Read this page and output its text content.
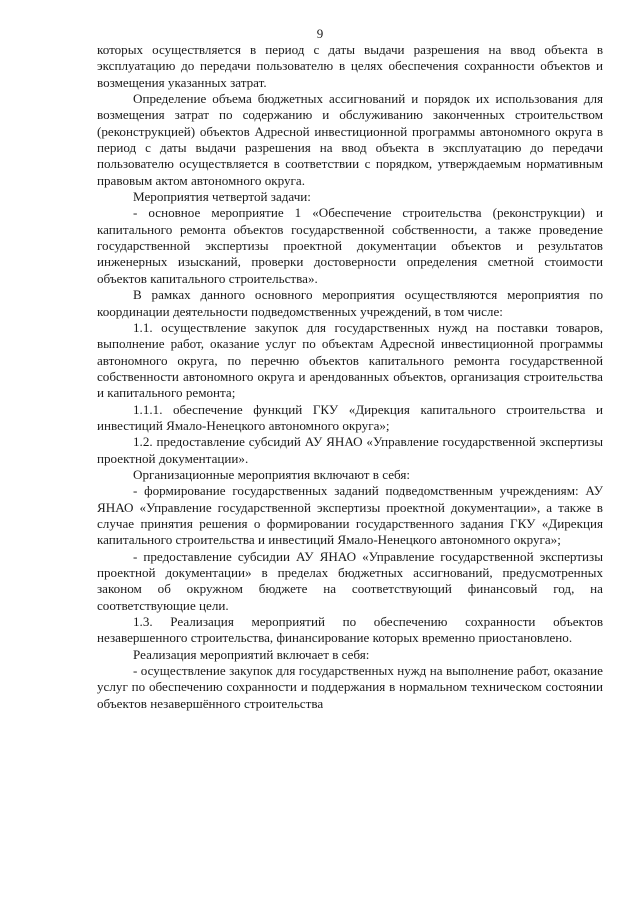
9

которых осуществляется в период с даты выдачи разрешения на ввод объекта в эксплуатацию до передачи пользователю в целях обеспечения сохранности объектов и возмещения указанных затрат.

Определение объема бюджетных ассигнований и порядок их использования для возмещения затрат по содержанию и обслуживанию законченных строительством (реконструкцией) объектов Адресной инвестиционной программы автономного округа в период с даты выдачи разрешения на ввод объекта в эксплуатацию до передачи пользователю осуществляется в соответствии с порядком, утверждаемым нормативным правовым актом автономного округа.

Мероприятия четвертой задачи:

- основное мероприятие 1 «Обеспечение строительства (реконструкции) и капитального ремонта объектов государственной собственности, а также проведение государственной экспертизы проектной документации объектов и результатов инженерных изысканий, проверки достоверности определения сметной стоимости объектов капитального строительства».

В рамках данного основного мероприятия осуществляются мероприятия по координации деятельности подведомственных учреждений, в том числе:

1.1. осуществление закупок для государственных нужд на поставки товаров, выполнение работ, оказание услуг по объектам Адресной инвестиционной программы автономного округа, по перечню объектов капитального ремонта государственной собственности автономного округа и арендованных объектов, организация строительства и капитального ремонта;

1.1.1. обеспечение функций ГКУ «Дирекция капитального строительства и инвестиций Ямало-Ненецкого автономного округа»;

1.2. предоставление субсидий АУ ЯНАО «Управление государственной экспертизы проектной документации».

Организационные мероприятия включают в себя:

- формирование государственных заданий подведомственным учреждениям: АУ ЯНАО «Управление государственной экспертизы проектной документации», а также в случае принятия решения о формировании государственного задания ГКУ «Дирекция капитального строительства и инвестиций Ямало-Ненецкого автономного округа»;

- предоставление субсидии АУ ЯНАО «Управление государственной экспертизы проектной документации» в пределах бюджетных ассигнований, предусмотренных законом об окружном бюджете на соответствующий финансовый год, на соответствующие цели.

1.3. Реализация мероприятий по обеспечению сохранности объектов незавершенного строительства, финансирование которых временно приостановлено.

Реализация мероприятий включает в себя:

- осуществление закупок для государственных нужд на выполнение работ, оказание услуг по обеспечению сохранности и поддержания в нормальном техническом состоянии объектов незавершённого строительства
